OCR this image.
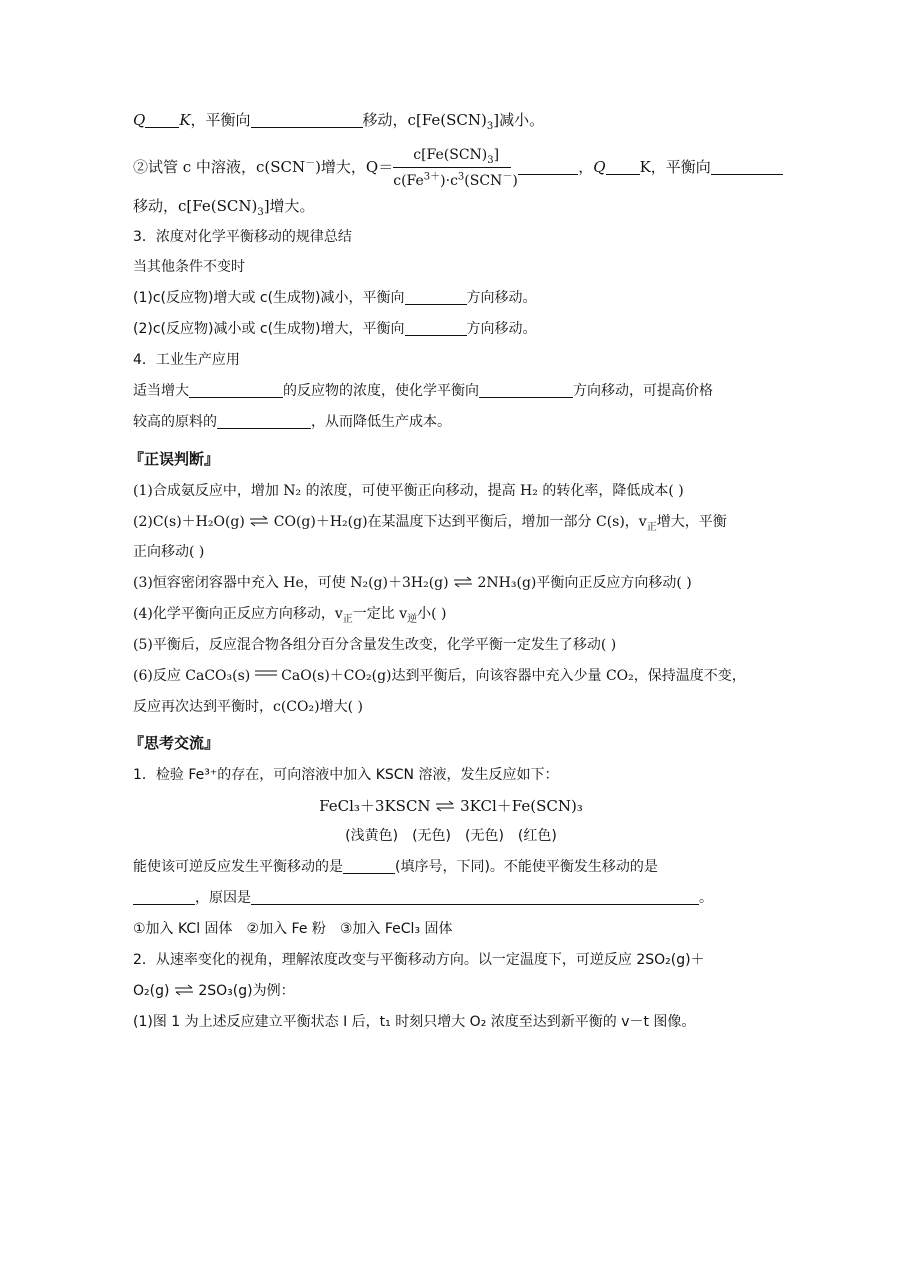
Q K，平衡向	移动，$c[Fe(SCN)_3]$减小。
②试管 c 中溶液，c(SCN－)增大，Q＝
$c[Fe(SCN)_3]$
$c(Fe^{3+})\cdot c^3(SCN^-)$
，Q K，平衡向
移动，$c[Fe(SCN)_3]$增大。
3．浓度对化学平衡移动的规律总结
当其他条件不变时
(1)c(反应物)增大或 c(生成物)减小，平衡向	方向移动。
(2)c(反应物)减小或 c(生成物)增大，平衡向	方向移动。
4．工业生产应用
适当增大	的反应物的浓度，使化学平衡向	方向移动，可提高价格
较高的原料的	，从而降低生产成本。
『正误判断』
(1)合成氨反应中，增加 N₂ 的浓度，可使平衡正向移动，提高 H₂ 的转化率，降低成本( )
(2)C(s)＋H₂O(g) ⇌ CO(g)＋H₂(g)在某温度下达到平衡后，增加一部分 C(s)，$v_正$增大，平衡
正向移动( )
(3)恒容密闭容器中充入 He，可使 N₂(g)＋3H₂(g) ⇌ 2NH₃(g)平衡向正反应方向移动( )
(4)化学平衡向正反应方向移动，$v_正$一定比 $v_逆$小( )
(5)平衡后，反应混合物各组分百分含量发生改变，化学平衡一定发生了移动( )
(6)反应 CaCO₃(s) CaO(s)＋CO₂(g)达到平衡后，向该容器中充入少量 CO₂，保持温度不变，
反应再次达到平衡时，c(CO₂)增大( )
『思考交流』
1．检验 Fe³⁺的存在，可向溶液中加入 KSCN 溶液，发生反应如下：
FeCl₃＋3KSCN ⇌ 3KCl＋Fe(SCN)₃
(浅黄色)　(无色)　(无色)　(红色)
能使该可逆反应发生平衡移动的是	(填序号，下同)。不能使平衡发生移动的是
，原因是	。
①加入 KCl 固体　②加入 Fe 粉　③加入 FeCl₃ 固体
2．从速率变化的视角，理解浓度改变与平衡移动方向。以一定温度下，可逆反应 2SO₂(g)＋
O₂(g) ⇌ 2SO₃(g)为例：
(1)图 1 为上述反应建立平衡状态 Ⅰ 后，t₁ 时刻只增大 O₂ 浓度至达到新平衡的 v－t 图像。
